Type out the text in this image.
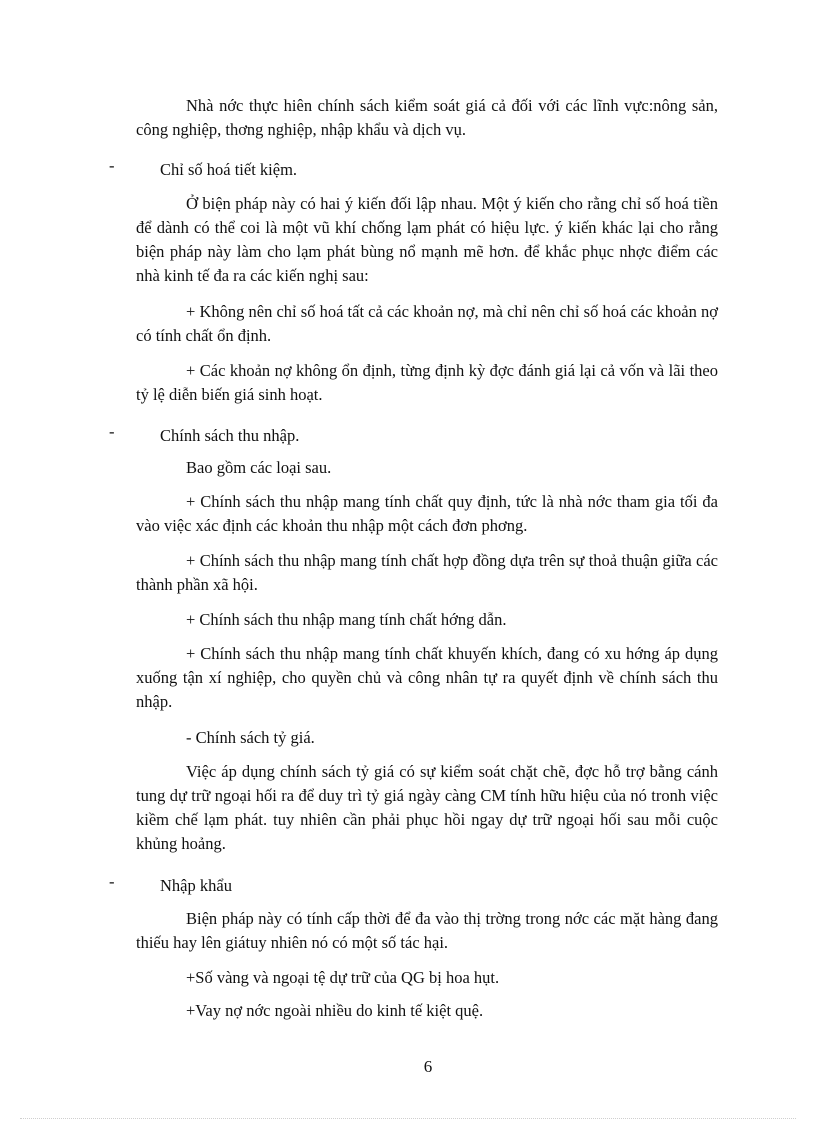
Nhà nớc thực hiên chính sách kiểm soát giá cả đối với các lĩnh vực:nông sản, công nghiệp, thơng nghiệp, nhập khẩu và dịch vụ.

-	Chỉ số hoá tiết kiệm.

Ở biện pháp này có hai ý kiến đối lập nhau. Một ý kiến cho rằng chỉ số hoá tiền để dành có thể coi là một vũ khí chống lạm phát có hiệu lực. ý kiến khác lại cho rằng biện pháp này làm cho lạm phát bùng nổ mạnh mẽ hơn. để khắc phục nhợc điểm các nhà kinh tế đa ra các kiến nghị sau:

+ Không nên chỉ số hoá tất cả các khoản nợ, mà chỉ nên chỉ số hoá các khoản nợ có tính chất ổn định.

+ Các khoản nợ không ổn định, từng định kỳ đợc đánh giá lại cả vốn và lãi theo tỷ lệ diễn biến giá sinh hoạt.

-	Chính sách thu nhập.

Bao gồm các loại sau.

+ Chính sách thu nhập mang tính chất quy định, tức là nhà nớc tham gia tối đa vào việc xác định các khoản thu nhập một cách đơn phơng.

+ Chính sách thu nhập mang tính chất hợp đồng dựa trên sự thoả thuận giữa các thành phần xã hội.

+ Chính sách thu nhập mang tính chất hớng dẫn.

+ Chính sách thu nhập mang tính chất khuyến khích, đang có xu hớng áp dụng xuống tận xí nghiệp, cho quyền chủ và công nhân tự ra quyết định về chính sách thu nhập.

- Chính sách tỷ giá.

Việc áp dụng chính sách tỷ giá có sự kiểm soát chặt chẽ, đợc hỗ trợ bằng cánh tung dự trữ ngoại hối ra để duy trì tỷ giá ngày càng CM tính hữu hiệu của nó tronh việc kiềm chế lạm phát. tuy nhiên cần phải phục hồi ngay dự trữ ngoại hối sau mỗi cuộc khủng hoảng.

-	Nhập khẩu

Biện pháp này có tính cấp thời để đa vào thị trờng trong nớc các mặt hàng đang thiếu hay lên giátuy nhiên nó có một số tác hại.

+Số vàng và ngoại tệ dự trữ của QG bị hoa hụt.

+Vay nợ nớc ngoài nhiều do kinh tế kiệt quệ.

6
